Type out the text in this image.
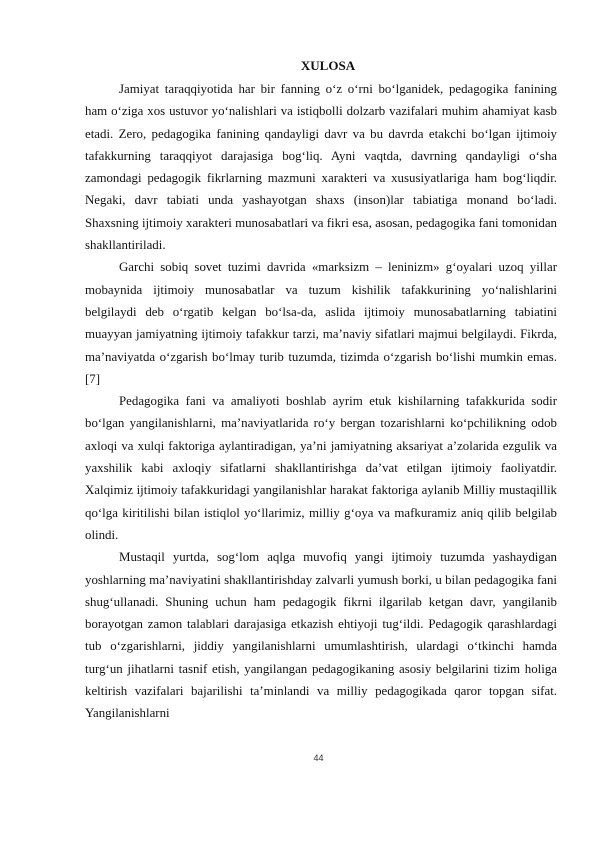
XULOSA

Jamiyat taraqqiyotida har bir fanning o‘z o‘rni bo‘lganidek, pedagogika fanining ham o‘ziga xos ustuvor yo‘nalishlari va istiqbolli dolzarb vazifalari muhim ahamiyat kasb etadi. Zero, pedagogika fanining qandayligi davr va bu davrda etakchi bo‘lgan ijtimoiy tafakkurning taraqqiyot darajasiga bog‘liq. Ayni vaqtda, davrning qandayligi o‘sha zamondagi pedagogik fikrlarning mazmuni xarakteri va xususiyatlariga ham bog‘liqdir. Negaki, davr tabiati unda yashayotgan shaxs (inson)lar tabiatiga monand bo‘ladi. Shaxsning ijtimoiy xarakteri munosabatlari va fikri esa, asosan, pedagogika fani tomonidan shakllantiriladi.

Garchi sobiq sovet tuzimi davrida «marksizm – leninizm» g‘oyalari uzoq yillar mobaynida ijtimoiy munosabatlar va tuzum kishilik tafakkurining yo‘nalishlarini belgilaydi deb o‘rgatib kelgan bo‘lsa-da, aslida ijtimoiy munosabatlarning tabiatini muayyan jamiyatning ijtimoiy tafakkur tarzi, ma’naviy sifatlari majmui belgilaydi. Fikrda, ma’naviyatda o‘zgarish bo‘lmay turib tuzumda, tizimda o‘zgarish bo‘lishi mumkin emas. [7]

Pedagogika fani va amaliyoti boshlab ayrim etuk kishilarning tafakkurida sodir bo‘lgan yangilanishlarni, ma’naviyatlarida ro‘y bergan tozarishlarni ko‘pchilikning odob axloqi va xulqi faktoriga aylantiradigan, ya’ni jamiyatning aksariyat a’zolarida ezgulik va yaxshilik kabi axloqiy sifatlarni shakllantirishga da’vat etilgan ijtimoiy faoliyatdir. Xalqimiz ijtimoiy tafakkuridagi yangilanishlar harakat faktoriga aylanib Milliy mustaqillik qo‘lga kiritilishi bilan istiqlol yo‘llarimiz, milliy g‘oya va mafkuramiz aniq qilib belgilab olindi.

Mustaqil yurtda, sog‘lom aqlga muvofiq yangi ijtimoiy tuzumda yashaydigan yoshlarning ma’naviyatini shakllantirishday zalvarli yumush borki, u bilan pedagogika fani shug‘ullanadi. Shuning uchun ham pedagogik fikrni ilgarilab ketgan davr, yangilanib borayotgan zamon talablari darajasiga etkazish ehtiyoji tug‘ildi. Pedagogik qarashlardagi tub o‘zgarishlarni, jiddiy yangilanishlarni umumlashtirish, ulardagi o‘tkinchi hamda turg‘un jihatlarni tasnif etish, yangilangan pedagogikaning asosiy belgilarini tizim holiga keltirish vazifalari bajarilishi ta’minlandi va milliy pedagogikada qaror topgan sifat. Yangilanishlarni

44
